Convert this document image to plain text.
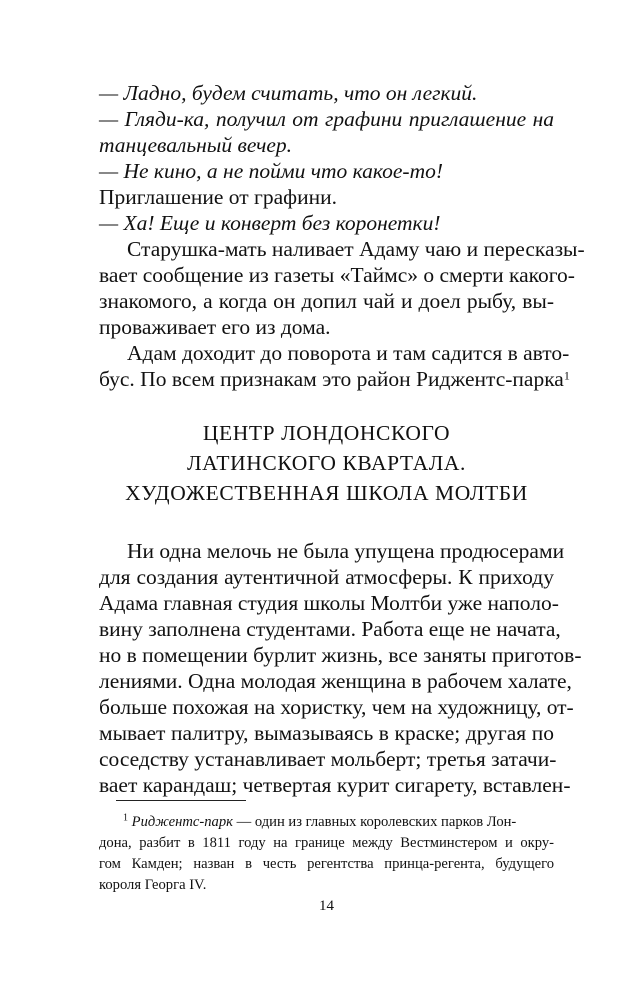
— Ладно, будем считать, что он легкий.
— Гляди-ка, получил от графини приглашение на
танцевальный вечер.
— Не кино, а не пойми что какое-то!
Приглашение от графини.
— Ха! Еще и конверт без коронетки!
Старушка-мать наливает Адаму чаю и пересказы-
вает сообщение из газеты «Таймс» о смерти какого-
знакомого, а когда он допил чай и доел рыбу, вы-
проваживает его из дома.
Адам доходит до поворота и там садится в авто-
бус. По всем признакам это район Риджентс-парка$^1$
ЦЕНТР ЛОНДОНСКОГО
ЛАТИНСКОГО КВАРТАЛА.
ХУДОЖЕСТВЕННАЯ ШКОЛА МОЛТБИ
Ни одна мелочь не была упущена продюсерами
для создания аутентичной атмосферы. К приходу
Адама главная студия школы Молтби уже наполо-
вину заполнена студентами. Работа еще не начата,
но в помещении бурлит жизнь, все заняты приготов-
лениями. Одна молодая женщина в рабочем халате,
больше похожая на хористку, чем на художницу, от-
мывает палитру, вымазываясь в краске; другая по
соседству устанавливает мольберт; третья затачи-
вает карандаш; четвертая курит сигарету, вставлен-
$^1$ Риджентс-парк — один из главных королевских парков Лон-
дона, разбит в 1811 году на границе между Вестминстером и окру-
гом Камден; назван в честь регентства принца-регента, будущего
короля Георга IV.
14
